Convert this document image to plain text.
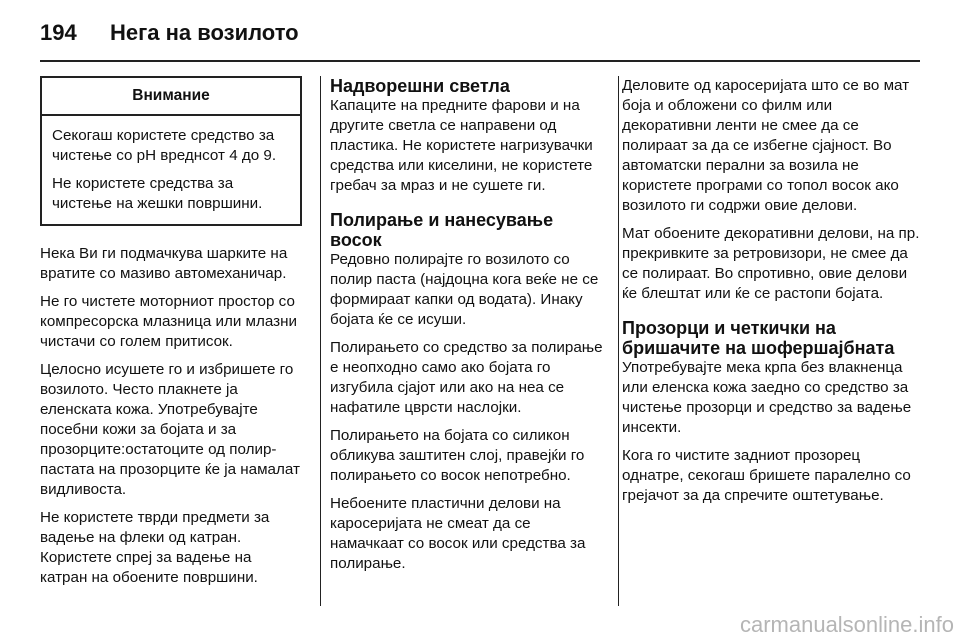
194 Нега на возилото
Внимание

Секогаш користете средство за чистење со pH вреднсот 4 до 9.

Не користете средства за чистење на жешки површини.

Нека Ви ги подмачкува шарките на вратите со мазиво автомеханичар.

Не го чистете моторниот простор со компресорска млазница или млазни чистачи со голем притисок.

Целосно исушете го и избришете го возилото. Често плакнете ја еленската кожа. Употребувајте посебни кожи за бојата и за прозорците:остатоците од полир-пастата на прозорците ќе ја намалат видливоста.

Не користете тврди предмети за вадење на флеки од катран. Користете спреј за вадење на катран на обоените површини.

Надворешни светла

Капаците на предните фарови и на другите светла се направени од пластика. Не користете нагризувачки средства или киселини, не користете гребач за мраз и не сушете ги.

Полирање и нанесување восок

Редовно полирајте го возилото со полир паста (најдоцна кога веќе не се формираат капки од водата). Инаку бојата ќе се исуши.

Полирањето со средство за полирање е неопходно само ако бојата го изгубила сјајот или ако на неа се нафатиле цврсти наслојки.

Полирањето на бојата со силикон обликува заштитен слој, правејќи го полирањето со восок непотребно.

Небоените пластични делови на каросеријата не смеат да се намачкаат со восок или средства за полирање.

Деловите од каросеријата што се во мат боја и обложени со филм или декоративни ленти не смее да се полираат за да се избегне сјајност. Во автоматски перални за возила не користете програми со топол восок ако возилото ги содржи овие делови.

Мат обоените декоративни делови, на пр. прекривките за ретровизори, не смее да се полираат. Во спротивно, овие делови ќе блештат или ќе се растопи бојата.

Прозорци и четкички на бришачите на шофершајбната

Употребувајте мека крпа без влакненца или еленска кожа заедно со средство за чистење прозорци и средство за вадење инсекти.

Кога го чистите задниот прозорец однатре, секогаш бришете паралелно со грејачот за да спречите оштетување.

carmanualsonline.info
